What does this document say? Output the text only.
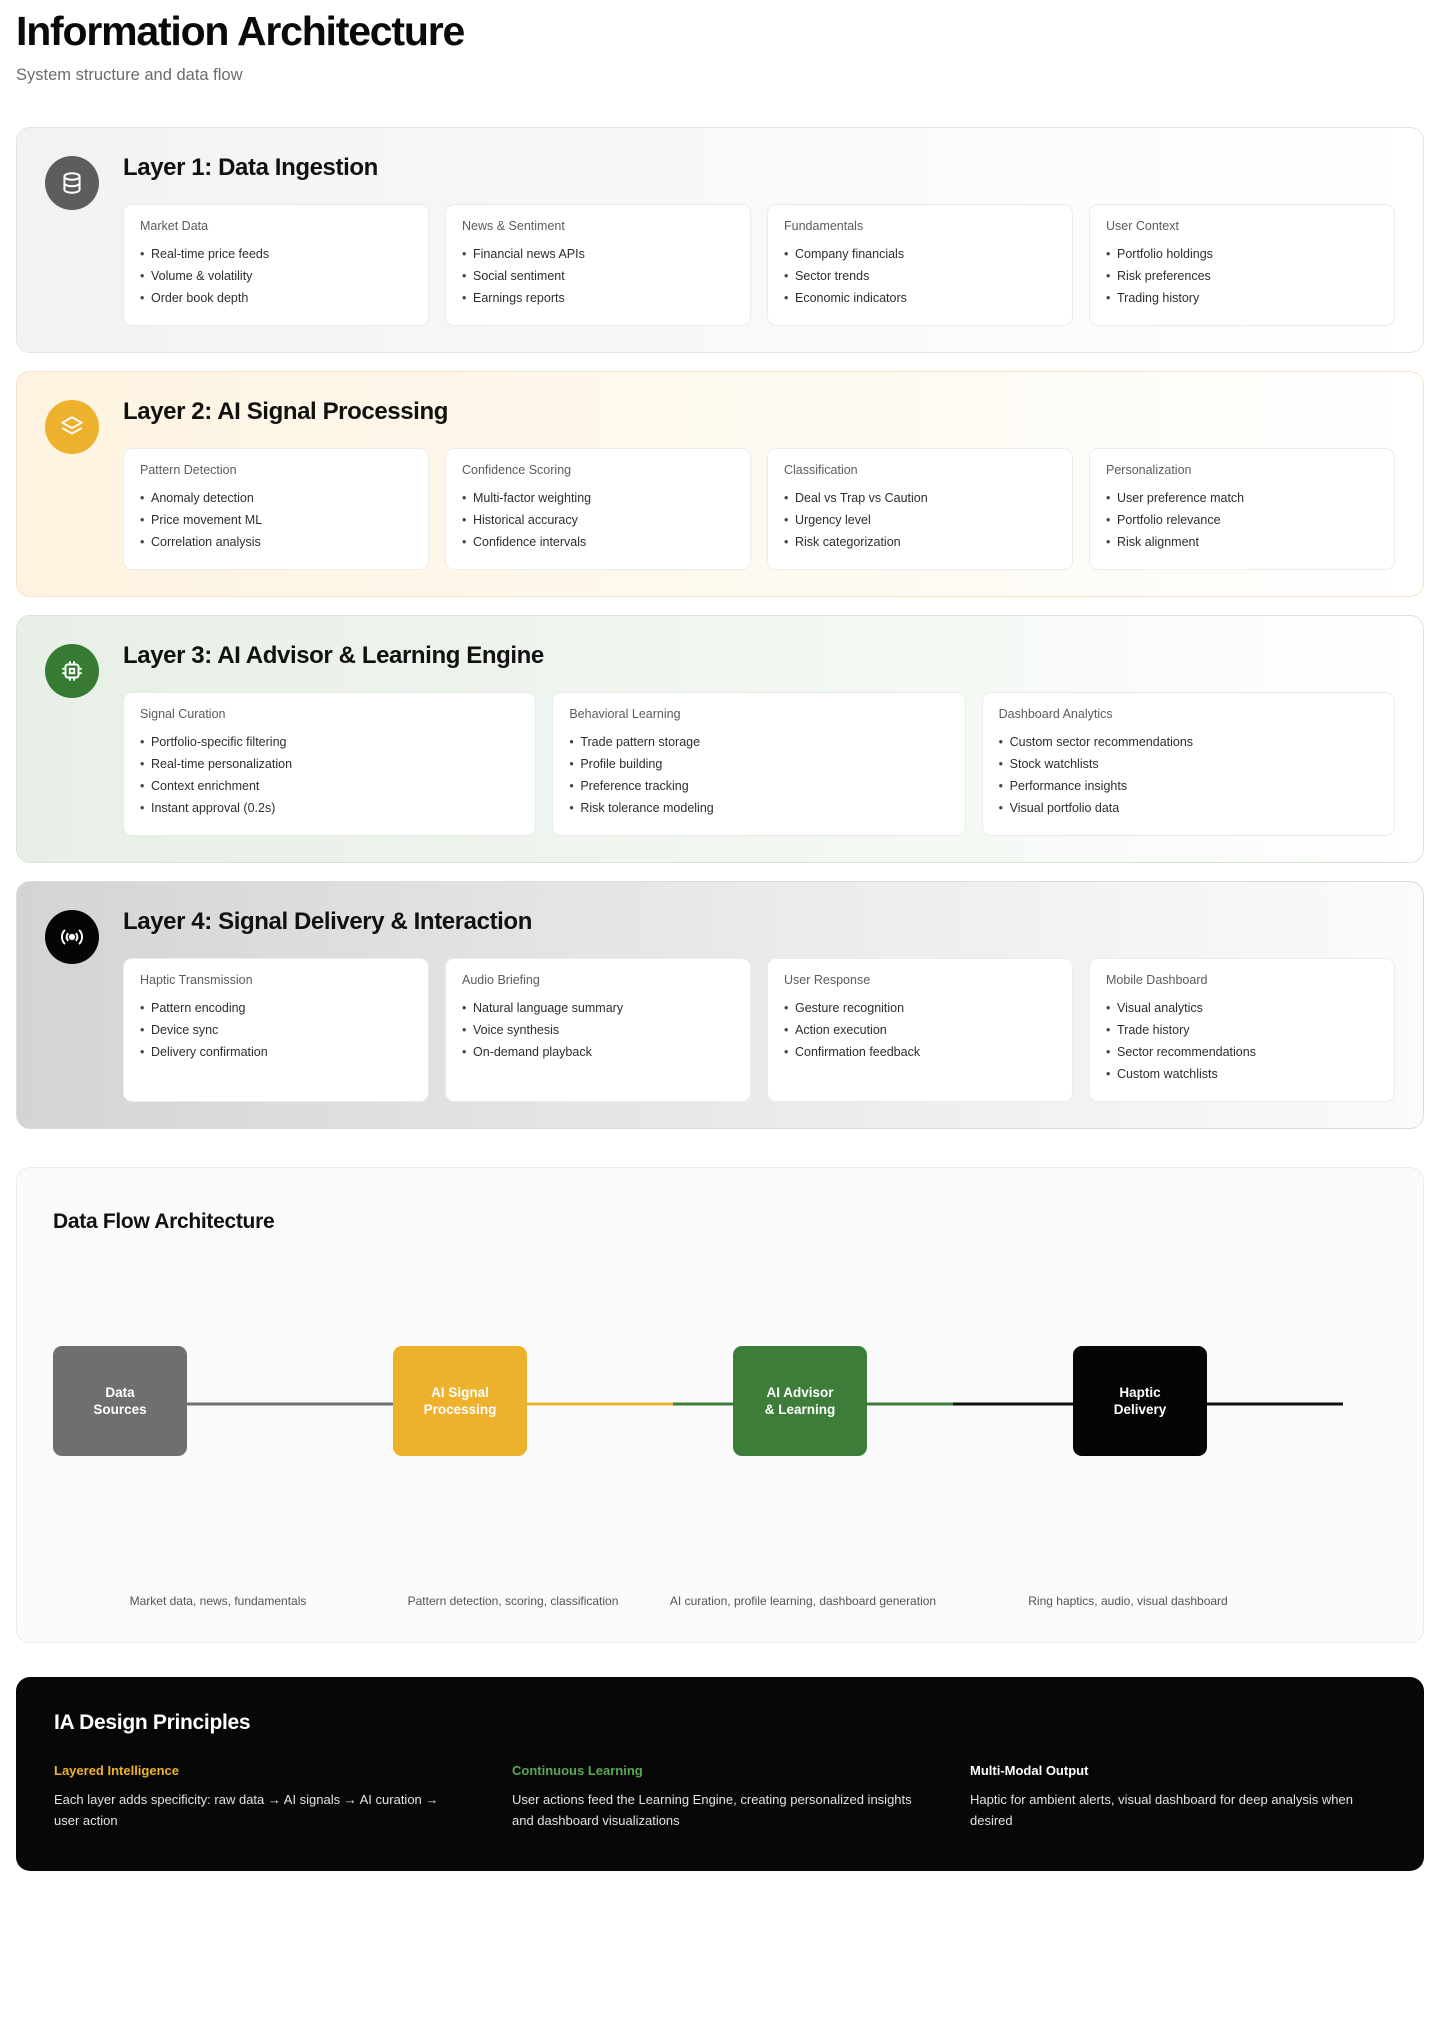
Information Architecture
System structure and data flow
Layer 1: Data Ingestion
Market Data
• Real-time price feeds
• Volume & volatility
• Order book depth
News & Sentiment
• Financial news APIs
• Social sentiment
• Earnings reports
Fundamentals
• Company financials
• Sector trends
• Economic indicators
User Context
• Portfolio holdings
• Risk preferences
• Trading history
Layer 2: AI Signal Processing
Pattern Detection
• Anomaly detection
• Price movement ML
• Correlation analysis
Confidence Scoring
• Multi-factor weighting
• Historical accuracy
• Confidence intervals
Classification
• Deal vs Trap vs Caution
• Urgency level
• Risk categorization
Personalization
• User preference match
• Portfolio relevance
• Risk alignment
Layer 3: AI Advisor & Learning Engine
Signal Curation
• Portfolio-specific filtering
• Real-time personalization
• Context enrichment
• Instant approval (0.2s)
Behavioral Learning
• Trade pattern storage
• Profile building
• Preference tracking
• Risk tolerance modeling
Dashboard Analytics
• Custom sector recommendations
• Stock watchlists
• Performance insights
• Visual portfolio data
Layer 4: Signal Delivery & Interaction
Haptic Transmission
• Pattern encoding
• Device sync
• Delivery confirmation
Audio Briefing
• Natural language summary
• Voice synthesis
• On-demand playback
User Response
• Gesture recognition
• Action execution
• Confirmation feedback
Mobile Dashboard
• Visual analytics
• Trade history
• Sector recommendations
• Custom watchlists
Data Flow Architecture
Data
Sources
AI Signal
Processing
AI Advisor
& Learning
Haptic
Delivery
Market data, news, fundamentals	Pattern detection, scoring, classification	AI curation, profile learning, dashboard generation	Ring haptics, audio, visual dashboard
IA Design Principles
Layered Intelligence
Each layer adds specificity: raw data → AI signals → AI curation → user action
Continuous Learning
User actions feed the Learning Engine, creating personalized insights and dashboard visualizations
Multi-Modal Output
Haptic for ambient alerts, visual dashboard for deep analysis when desired
